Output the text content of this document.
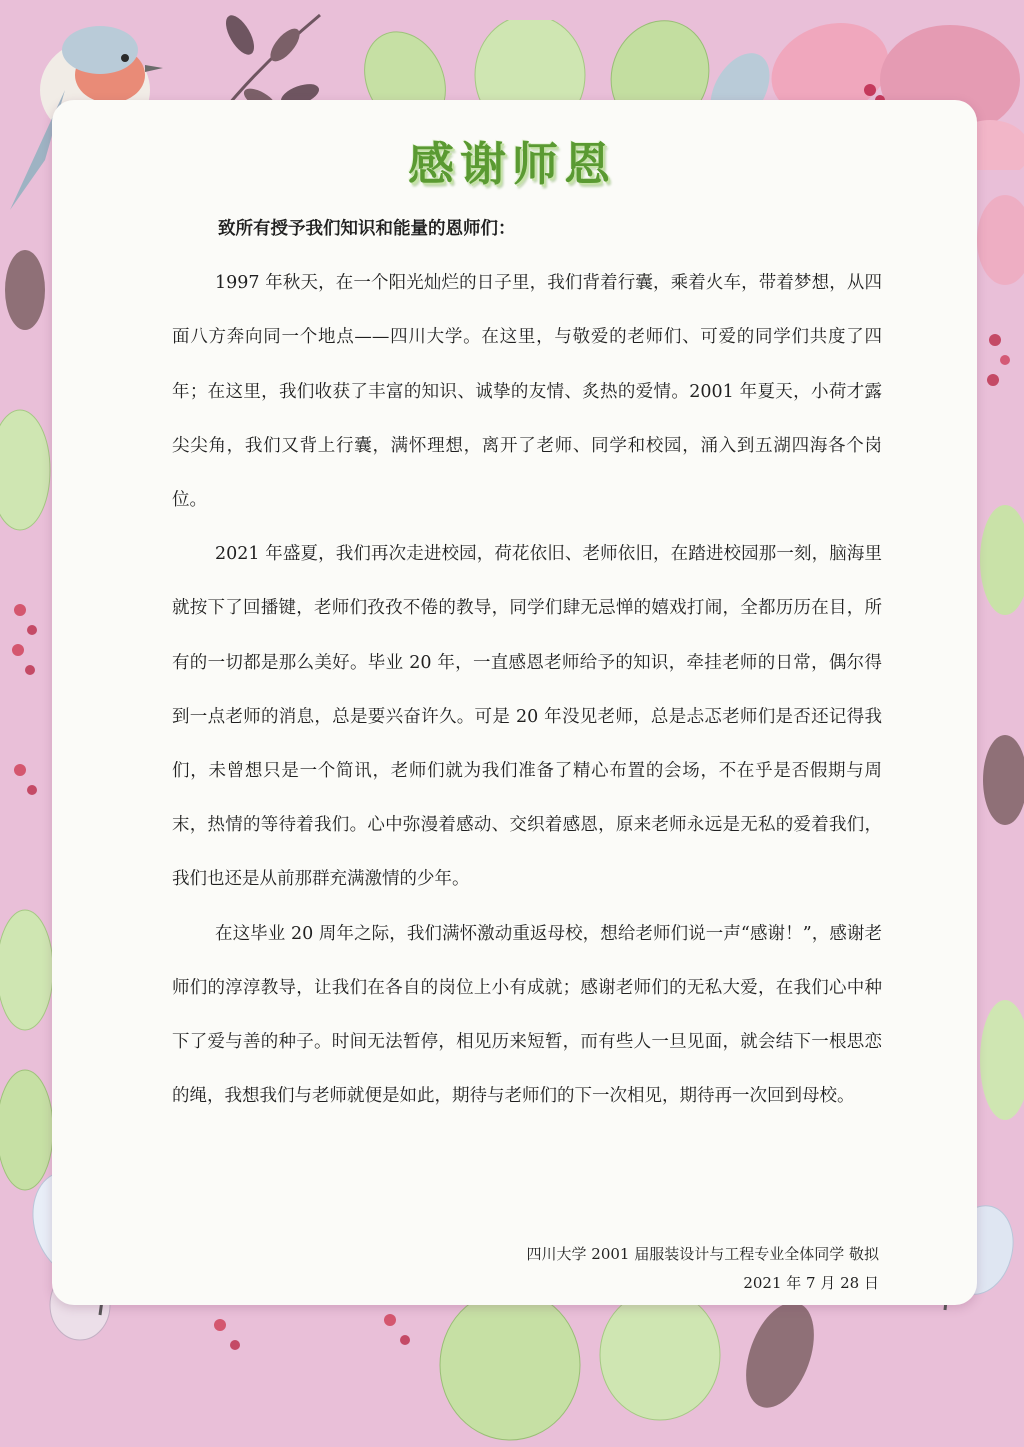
感谢师恩

致所有授予我们知识和能量的恩师们：

1997 年秋天，在一个阳光灿烂的日子里，我们背着行囊，乘着火车，带着梦想，从四面八方奔向同一个地点——四川大学。在这里，与敬爱的老师们、可爱的同学们共度了四年；在这里，我们收获了丰富的知识、诚挚的友情、炙热的爱情。2001 年夏天，小荷才露尖尖角，我们又背上行囊，满怀理想，离开了老师、同学和校园，涌入到五湖四海各个岗位。

2021 年盛夏，我们再次走进校园，荷花依旧、老师依旧，在踏进校园那一刻，脑海里就按下了回播键，老师们孜孜不倦的教导，同学们肆无忌惮的嬉戏打闹，全都历历在目，所有的一切都是那么美好。毕业 20 年，一直感恩老师给予的知识，牵挂老师的日常，偶尔得到一点老师的消息，总是要兴奋许久。可是 20 年没见老师，总是忐忑老师们是否还记得我们，未曾想只是一个简讯，老师们就为我们准备了精心布置的会场，不在乎是否假期与周末，热情的等待着我们。心中弥漫着感动、交织着感恩，原来老师永远是无私的爱着我们，我们也还是从前那群充满激情的少年。

在这毕业 20 周年之际，我们满怀激动重返母校，想给老师们说一声“感谢！”，感谢老师们的淳淳教导，让我们在各自的岗位上小有成就；感谢老师们的无私大爱，在我们心中种下了爱与善的种子。时间无法暂停，相见历来短暂，而有些人一旦见面，就会结下一根思恋的绳，我想我们与老师就便是如此，期待与老师们的下一次相见，期待再一次回到母校。

四川大学 2001 届服装设计与工程专业全体同学 敬拟
2021 年 7 月 28 日
